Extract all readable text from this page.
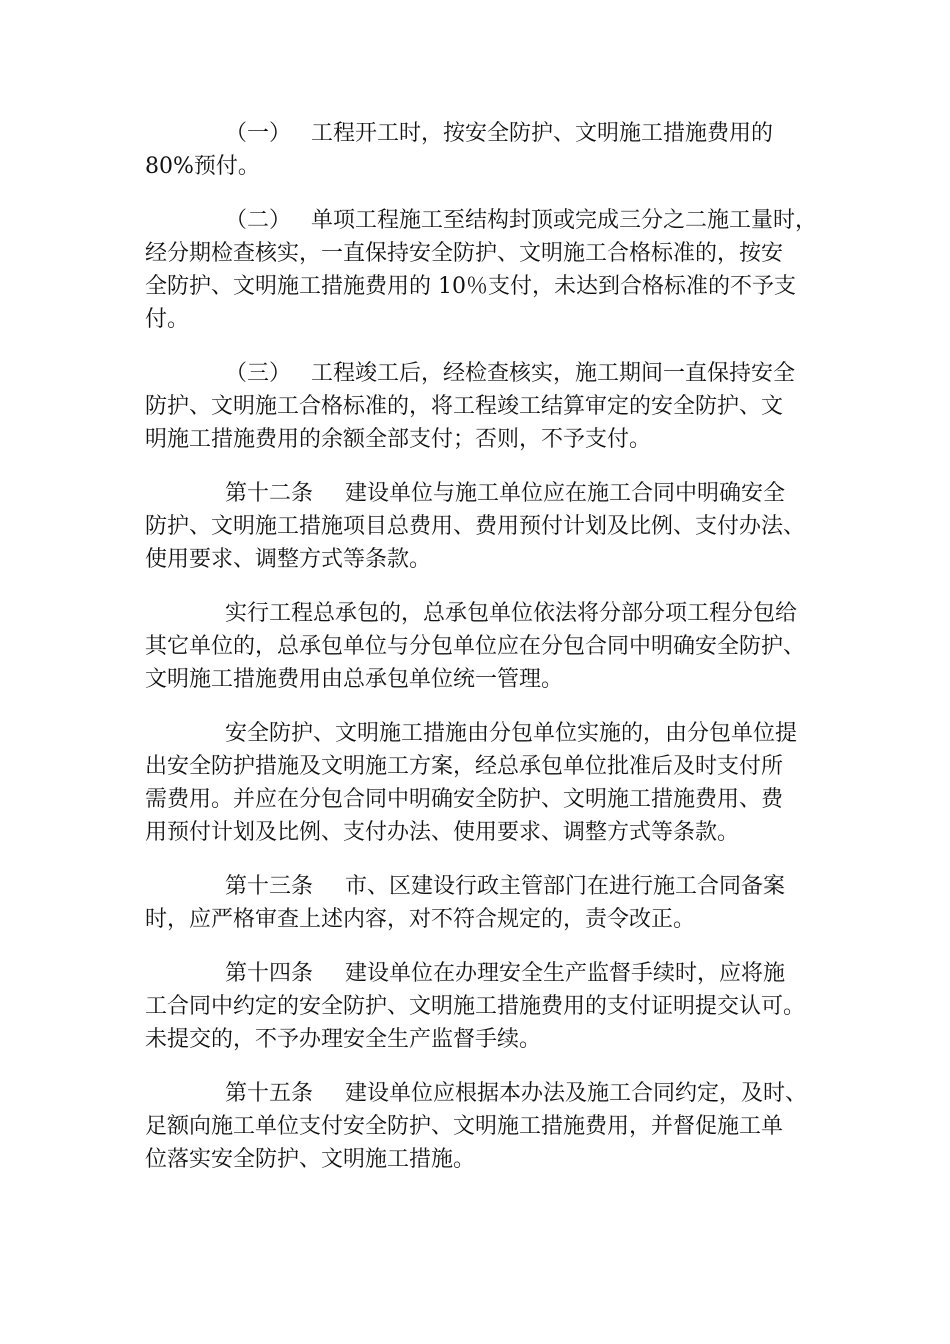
（一） 工程开工时，按安全防护、文明施工措施费用的
80%预付。

（二） 单项工程施工至结构封顶或完成三分之二施工量时，
经分期检查核实，一直保持安全防护、文明施工合格标准的，按安
全防护、文明施工措施费用的 10％支付，未达到合格标准的不予支
付。

（三） 工程竣工后，经检查核实，施工期间一直保持安全
防护、文明施工合格标准的，将工程竣工结算审定的安全防护、文
明施工措施费用的余额全部支付；否则，不予支付。

第十二条 建设单位与施工单位应在施工合同中明确安全
防护、文明施工措施项目总费用、费用预付计划及比例、支付办法、
使用要求、调整方式等条款。

实行工程总承包的，总承包单位依法将分部分项工程分包给
其它单位的，总承包单位与分包单位应在分包合同中明确安全防护、
文明施工措施费用由总承包单位统一管理。

安全防护、文明施工措施由分包单位实施的，由分包单位提
出安全防护措施及文明施工方案，经总承包单位批准后及时支付所
需费用。并应在分包合同中明确安全防护、文明施工措施费用、费
用预付计划及比例、支付办法、使用要求、调整方式等条款。

第十三条 市、区建设行政主管部门在进行施工合同备案
时，应严格审查上述内容，对不符合规定的，责令改正。

第十四条 建设单位在办理安全生产监督手续时，应将施
工合同中约定的安全防护、文明施工措施费用的支付证明提交认可。
未提交的，不予办理安全生产监督手续。

第十五条 建设单位应根据本办法及施工合同约定，及时、
足额向施工单位支付安全防护、文明施工措施费用，并督促施工单
位落实安全防护、文明施工措施。
